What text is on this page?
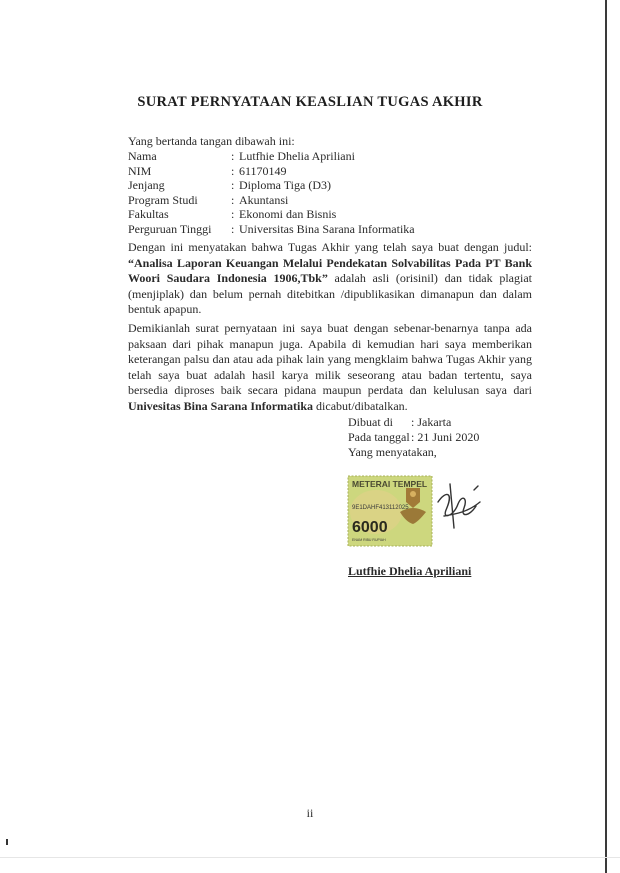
SURAT PERNYATAAN KEASLIAN TUGAS AKHIR
Yang bertanda tangan dibawah ini:
Nama	: Lutfhie Dhelia Apriliani
NIM	: 61170149
Jenjang	: Diploma Tiga (D3)
Program Studi	: Akuntansi
Fakultas	: Ekonomi dan Bisnis
Perguruan Tinggi : Universitas Bina Sarana Informatika

Dengan ini menyatakan bahwa Tugas Akhir yang telah saya buat dengan judul: “Analisa Laporan Keuangan Melalui Pendekatan Solvabilitas Pada PT Bank Woori Saudara Indonesia 1906,Tbk” adalah asli (orisinil) dan tidak plagiat (menjiplak) dan belum pernah ditebitkan /dipublikasikan dimanapun dan dalam bentuk apapun.

Demikianlah surat pernyataan ini saya buat dengan sebenar-benarnya tanpa ada paksaan dari pihak manapun juga. Apabila di kemudian hari saya memberikan keterangan palsu dan atau ada pihak lain yang mengklaim bahwa Tugas Akhir yang telah saya buat adalah hasil karya milik seseorang atau badan tertentu, saya bersedia diproses baik secara pidana maupun perdata dan kelulusan saya dari Univesitas Bina Sarana Informatika dicabut/dibatalkan.

Dibuat di : Jakarta
Pada tanggal: 21 Juni 2020
Yang menyatakan,
METERAI TEMPEL
9E1DAHF413112025
6000
ENAM RIBU RUPIAH
Lutfhie Dhelia Apriliani
ii
